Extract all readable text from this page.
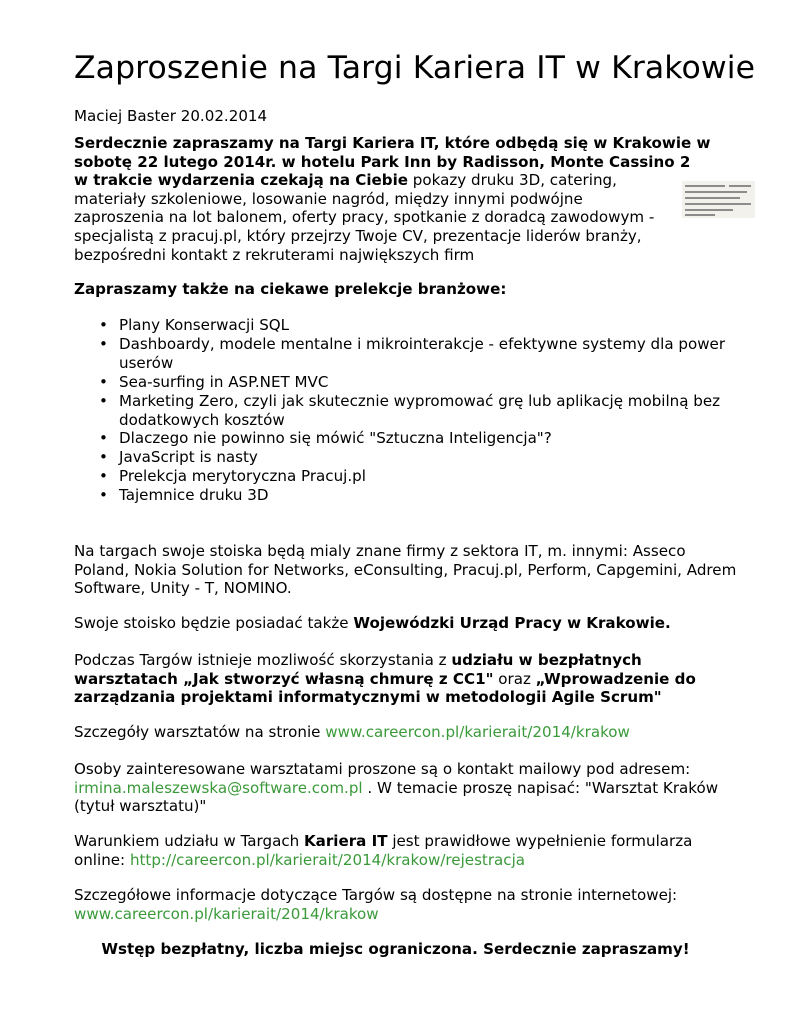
Zaproszenie na Targi Kariera IT w Krakowie

Maciej Baster 20.02.2014

Serdecznie zapraszamy na Targi Kariera IT, które odbędą się w Krakowie w
sobotę 22 lutego 2014r. w hotelu Park Inn by Radisson, Monte Cassino 2
w trakcie wydarzenia czekają na Ciebie pokazy druku 3D, catering,
materiały szkoleniowe, losowanie nagród, między innymi podwójne
zaproszenia na lot balonem, oferty pracy, spotkanie z doradcą zawodowym -
specjalistą z pracuj.pl, który przejrzy Twoje CV, prezentacje liderów branży,
bezpośredni kontakt z rekruterami największych firm

Zapraszamy także na ciekawe prelekcje branżowe:

• Plany Konserwacji SQL
• Dashboardy, modele mentalne i mikrointerakcje - efektywne systemy dla power
userów
• Sea-surfing in ASP.NET MVC
• Marketing Zero, czyli jak skutecznie wypromować grę lub aplikację mobilną bez
dodatkowych kosztów
• Dlaczego nie powinno się mówić "Sztuczna Inteligencja"?
• JavaScript is nasty
• Prelekcja merytoryczna Pracuj.pl
• Tajemnice druku 3D
Na targach swoje stoiska będą mialy znane firmy z sektora IT, m. innymi: Asseco
Poland, Nokia Solution for Networks, eConsulting, Pracuj.pl, Perform, Capgemini, Adrem
Software, Unity - T, NOMINO.
Swoje stoisko będzie posiadać także Wojewódzki Urząd Pracy w Krakowie.
Podczas Targów istnieje mozliwość skorzystania z udziału w bezpłatnych
warsztatach „Jak stworzyć własną chmurę z CC1" oraz „Wprowadzenie do
zarządzania projektami informatycznymi w metodologii Agile Scrum"
Szczegóły warsztatów na stronie www.careercon.pl/karierait/2014/krakow
Osoby zainteresowane warsztatami proszone są o kontakt mailowy pod adresem:
irmina.maleszewska@software.com.pl . W temacie proszę napisać: "Warsztat Kraków
(tytuł warsztatu)"
Warunkiem udziału w Targach Kariera IT jest prawidłowe wypełnienie formularza
online: http://careercon.pl/karierait/2014/krakow/rejestracja
Szczegółowe informacje dotyczące Targów są dostępne na stronie internetowej:
www.careercon.pl/karierait/2014/krakow
Wstęp bezpłatny, liczba miejsc ograniczona. Serdecznie zapraszamy!
